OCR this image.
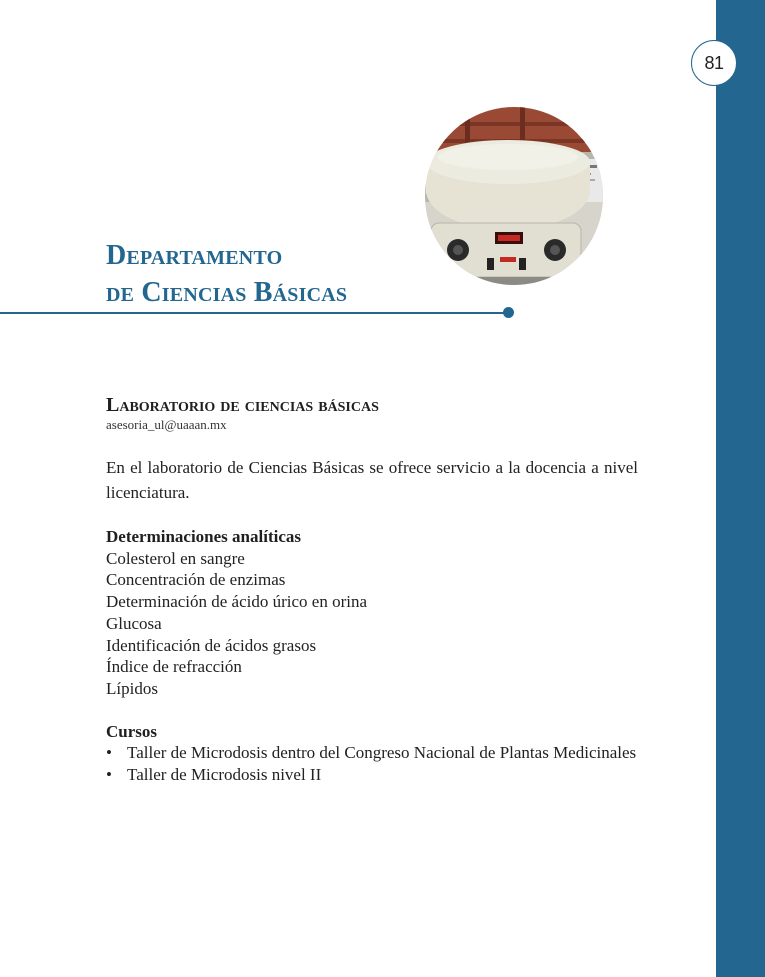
81
Departamento
de Ciencias Básicas
Laboratorio de ciencias básicas
asesoria_ul@uaaan.mx

En el laboratorio de Ciencias Básicas se ofrece servicio a la docencia a nivel licenciatura.

Determinaciones analíticas
Colesterol en sangre
Concentración de enzimas
Determinación de ácido úrico en orina
Glucosa
Identificación de ácidos grasos
Índice de refracción
Lípidos
Cursos
• Taller de Microdosis dentro del Congreso Nacional de Plantas Medicinales
• Taller de Microdosis nivel II
